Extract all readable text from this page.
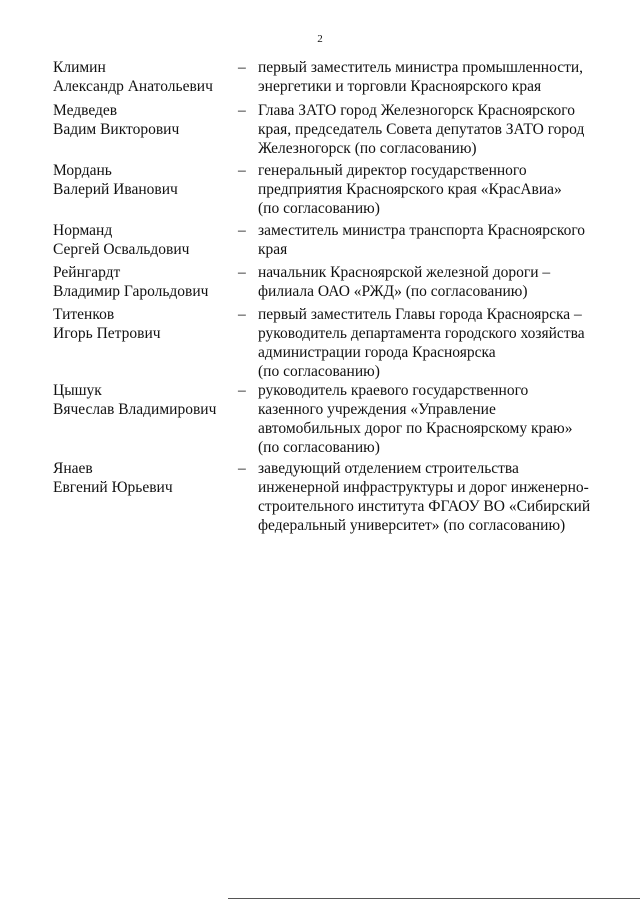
2
Климин
Александр Анатольевич
– первый заместитель министра промышленности,
энергетики и торговли Красноярского края
Медведев
Вадим Викторович
– Глава ЗАТО город Железногорск Красноярского
края, председатель Совета депутатов ЗАТО город
Железногорск (по согласованию)
Мордань
Валерий Иванович
– генеральный директор государственного
предприятия Красноярского края «КрасАвиа»
(по согласованию)
Норманд
Сергей Освальдович
– заместитель министра транспорта Красноярского
края
Рейнгардт
Владимир Гарольдович
– начальник Красноярской железной дороги –
филиала ОАО «РЖД» (по согласованию)
Титенков
Игорь Петрович
– первый заместитель Главы города Красноярска –
руководитель департамента городского хозяйства
администрации города Красноярска
(по согласованию)
Цышук
Вячеслав Владимирович
– руководитель краевого государственного
казенного учреждения «Управление
автомобильных дорог по Красноярскому краю»
(по согласованию)
Янаев
Евгений Юрьевич
– заведующий отделением строительства
инженерной инфраструктуры и дорог инженерно-
строительного института ФГАОУ ВО «Сибирский
федеральный университет» (по согласованию)
